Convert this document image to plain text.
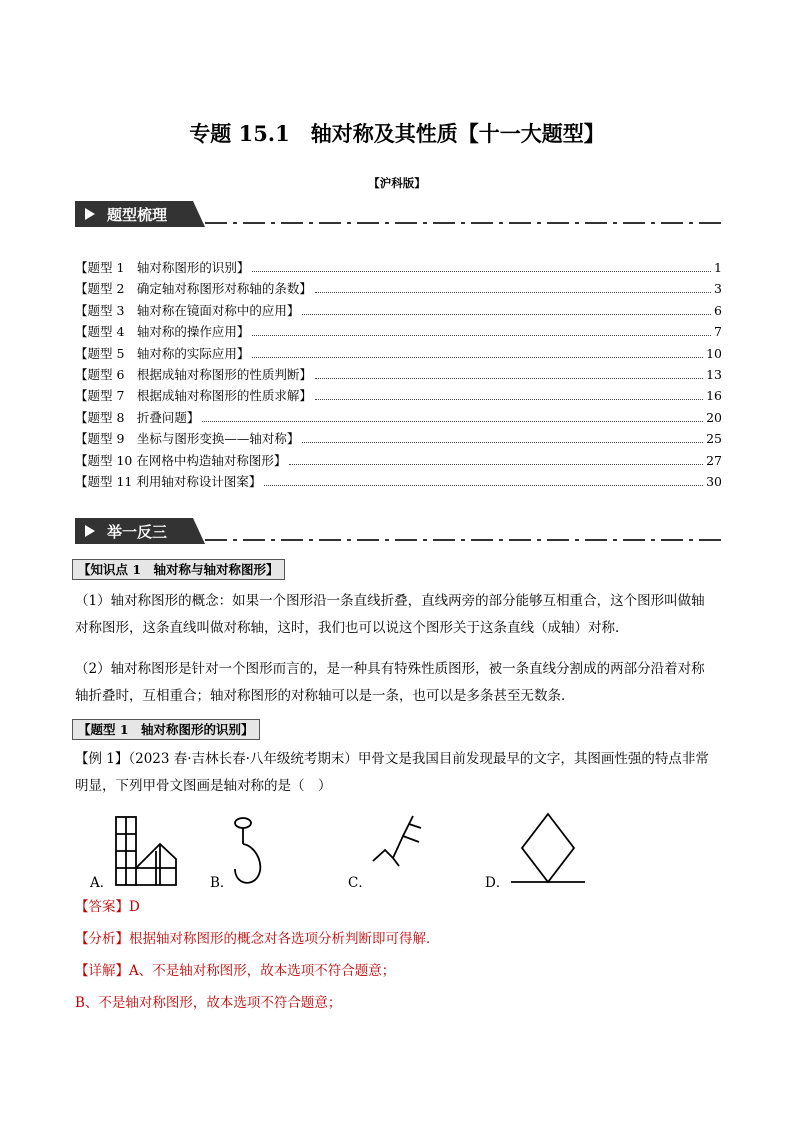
专题 15.1　轴对称及其性质【十一大题型】
【沪科版】
题型梳理
【题型 1　轴对称图形的识别】	1
【题型 2　确定轴对称图形对称轴的条数】	3
【题型 3　轴对称在镜面对称中的应用】	6
【题型 4　轴对称的操作应用】	7
【题型 5　轴对称的实际应用】	10
【题型 6　根据成轴对称图形的性质判断】	13
【题型 7　根据成轴对称图形的性质求解】	16
【题型 8　折叠问题】	20
【题型 9　坐标与图形变换——轴对称】	25
【题型 10 在网格中构造轴对称图形】	27
【题型 11 利用轴对称设计图案】	30
举一反三
【知识点 1　轴对称与轴对称图形】
（1）轴对称图形的概念：如果一个图形沿一条直线折叠，直线两旁的部分能够互相重合，这个图形叫做轴
对称图形，这条直线叫做对称轴，这时，我们也可以说这个图形关于这条直线（成轴）对称．
（2）轴对称图形是针对一个图形而言的，是一种具有特殊性质图形，被一条直线分割成的两部分沿着对称
轴折叠时，互相重合；轴对称图形的对称轴可以是一条，也可以是多条甚至无数条．
【题型 1　轴对称图形的识别】
【例 1】（2023 春·吉林长春·八年级统考期末）甲骨文是我国目前发现最早的文字，其图画性强的特点非常
明显，下列甲骨文图画是轴对称的是（　）
A．	B．	C．	D．
【答案】D
【分析】根据轴对称图形的概念对各选项分析判断即可得解．
【详解】A、不是轴对称图形，故本选项不符合题意；
B、不是轴对称图形，故本选项不符合题意；
